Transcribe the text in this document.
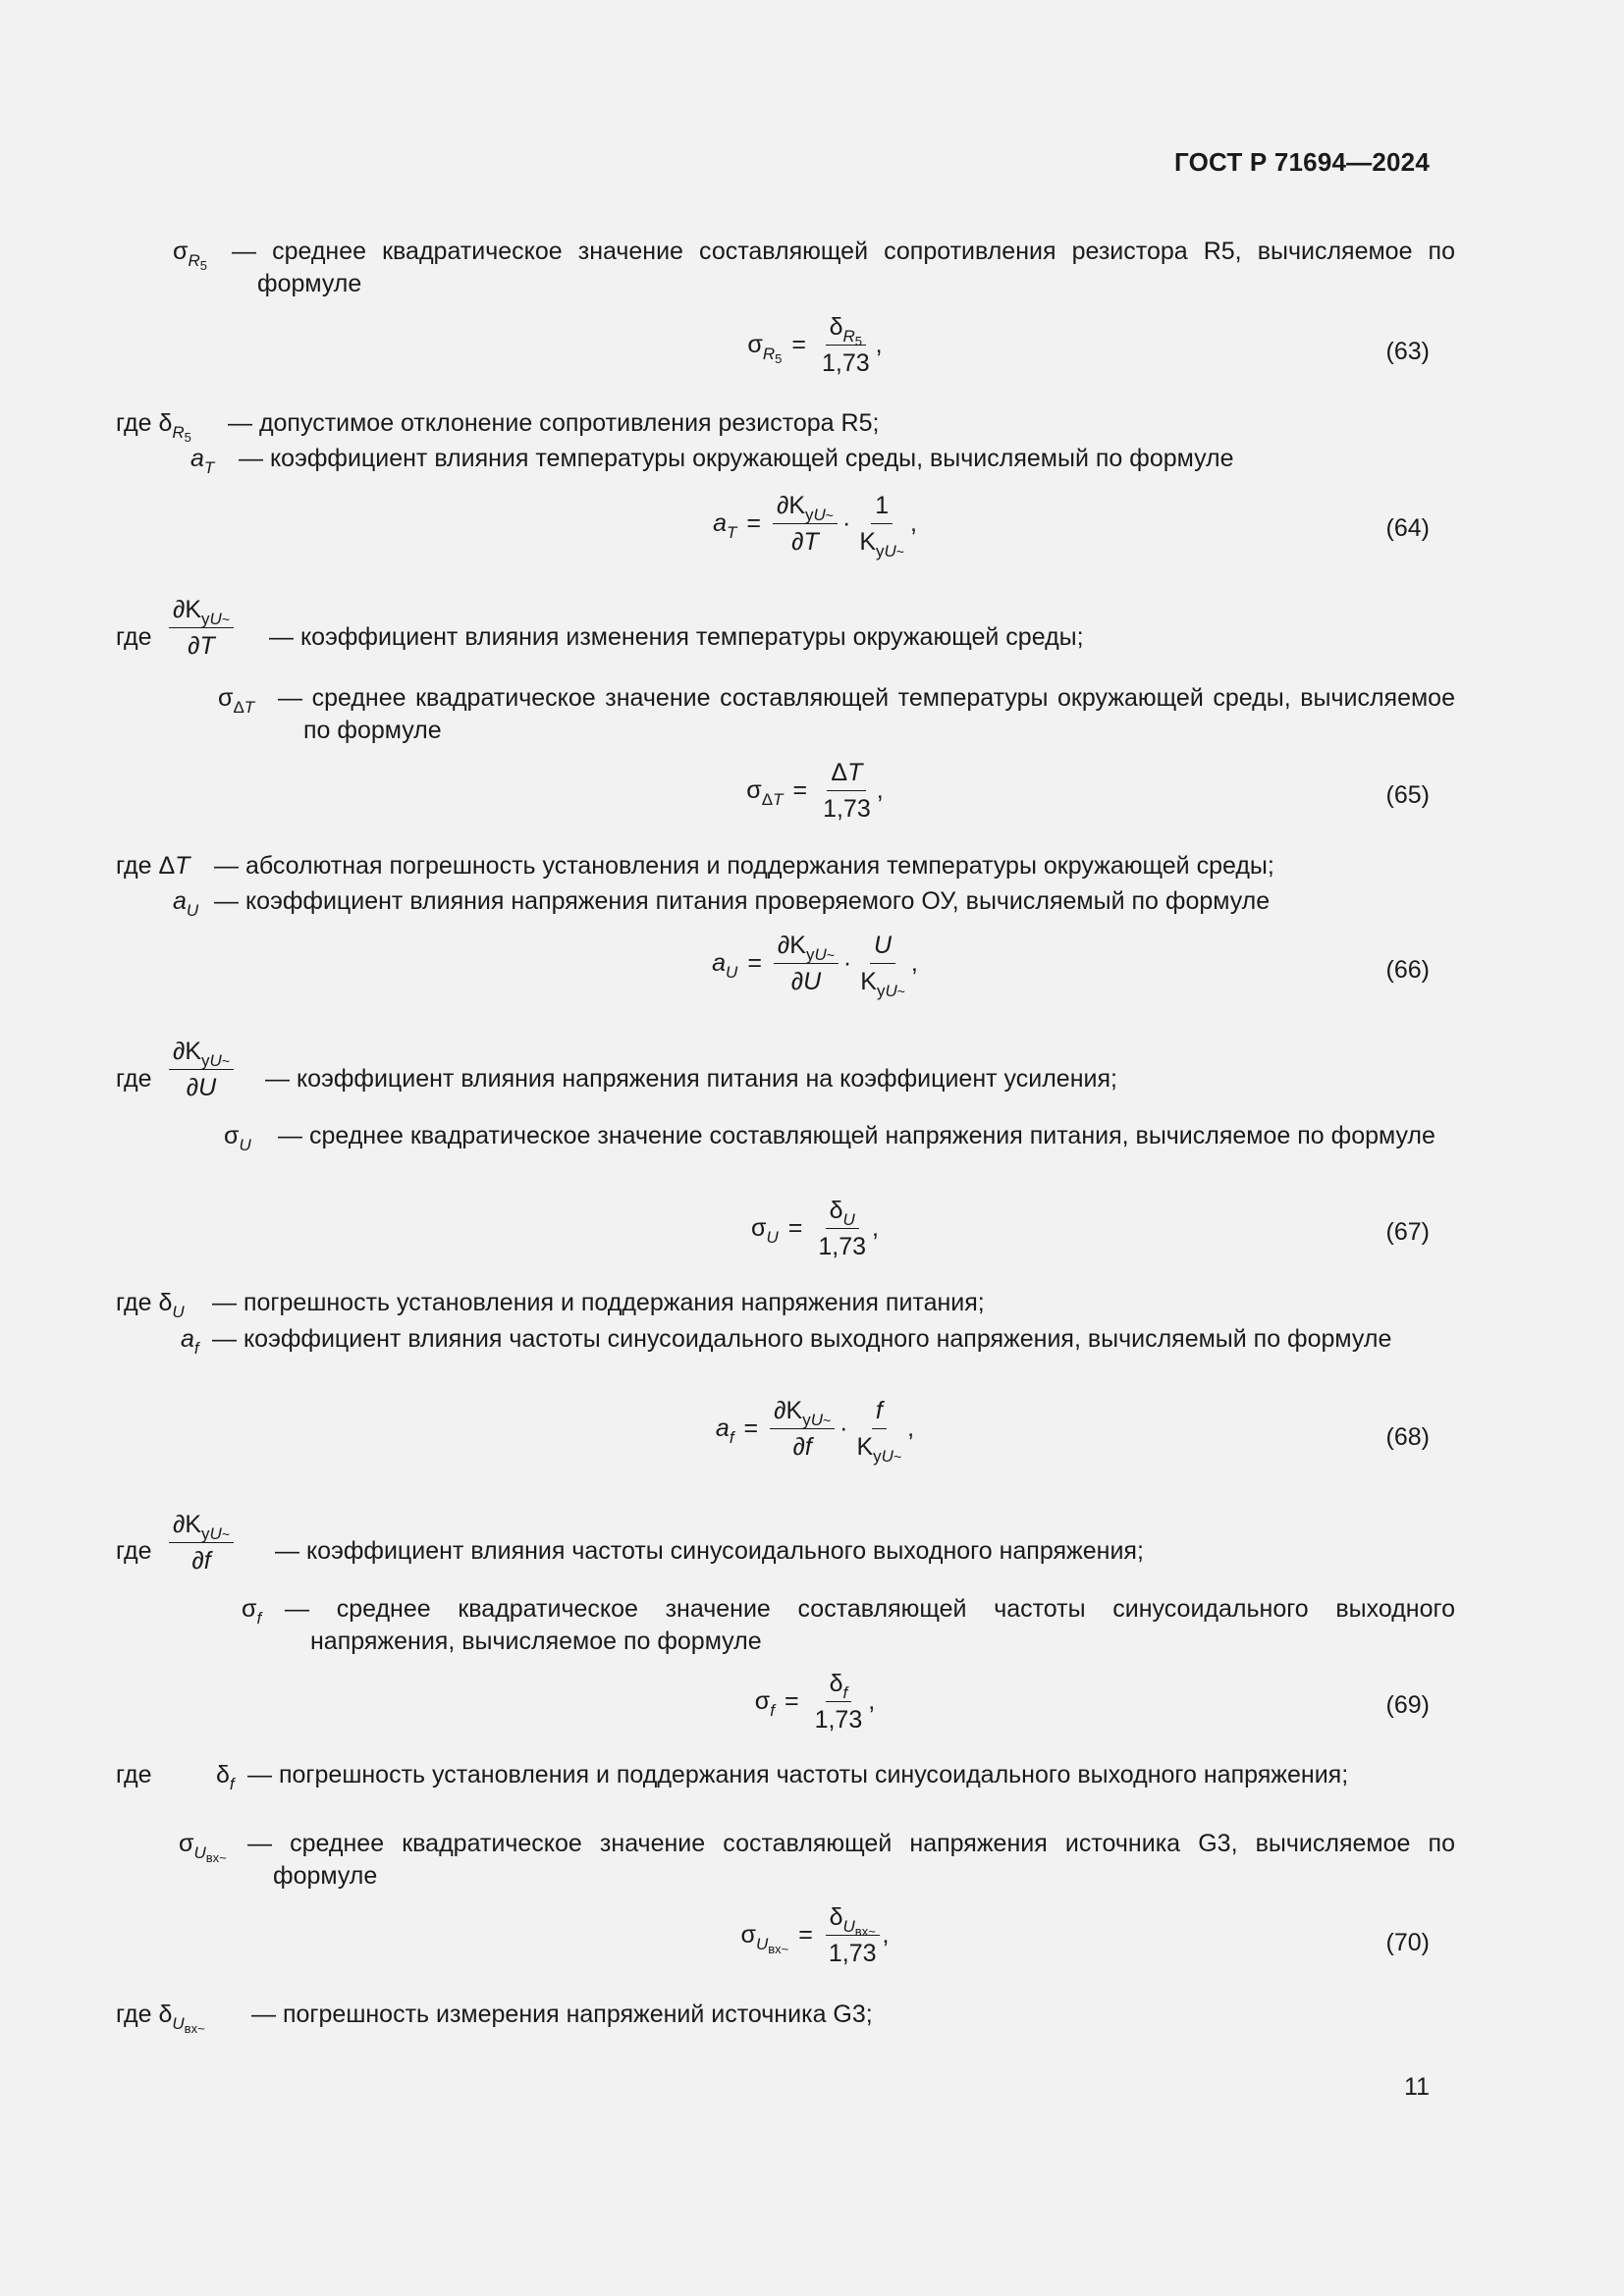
ГОСТ Р 71694—2024
$\sigma_{R_5}$
— среднее квадратическое значение составляющей сопротивления резистора R5, вычисляемое по формуле
$\sigma_{R_5}$
= $\frac{\delta_{R_5}}{1,73}$ ,	(63)
где $\delta_{R_5}$
— допустимое отклонение сопротивления резистора R5;
$a_T$ — коэффициент влияния температуры окружающей среды, вычисляемый по формуле
$a_T = \frac{\partial K_{yU\sim}}{\partial T} \cdot \frac{1}{K_{yU\sim}}$ ,	(64)
где $\frac{\partial K_{yU\sim}}{\partial T}$ — коэффициент влияния изменения температуры окружающей среды;
$\sigma_{\Delta T}$ — среднее квадратическое значение составляющей температуры окружающей среды, вычисляемое по формуле
$\sigma_{\Delta T} = \frac{\Delta T}{1,73}$ ,	(65)
где ΔT — абсолютная погрешность установления и поддержания температуры окружающей среды;
$a_U$ — коэффициент влияния напряжения питания проверяемого ОУ, вычисляемый по формуле
$a_U = \frac{\partial K_{yU\sim}}{\partial U} \cdot \frac{U}{K_{yU\sim}}$ ,	(66)
где $\frac{\partial K_{yU\sim}}{\partial U}$ — коэффициент влияния напряжения питания на коэффициент усиления;
$\sigma_U$ — среднее квадратическое значение составляющей напряжения питания, вычисляемое по формуле
$\sigma_U = \frac{\delta_U}{1,73}$ ,	(67)
где $\delta_U$ — погрешность установления и поддержания напряжения питания;
$a_f$ — коэффициент влияния частоты синусоидального выходного напряжения, вычисляемый по формуле
$a_f = \frac{\partial K_{yU\sim}}{\partial f} \cdot \frac{f}{K_{yU\sim}}$ ,	(68)
где $\frac{\partial K_{yU\sim}}{\partial f}$ — коэффициент влияния частоты синусоидального выходного напряжения;
$\sigma_f$ — среднее квадратическое значение составляющей частоты синусоидального выходного напряжения, вычисляемое по формуле
$\sigma_f = \frac{\delta_f}{1,73}$ ,	(69)
где	$\delta_f$ — погрешность установления и поддержания частоты синусоидального выходного напряжения;
$\sigma_{U_{вх\sim}}$
— среднее квадратическое значение составляющей напряжения источника G3, вычисляемое по формуле
$\sigma_{U_{вх\sim}}$
= $\frac{\delta_{U_{вх\sim}}}{1,73}$ ,	(70)
где $\delta_{U_{вх\sim}}$
— погрешность измерения напряжений источника G3;
11
